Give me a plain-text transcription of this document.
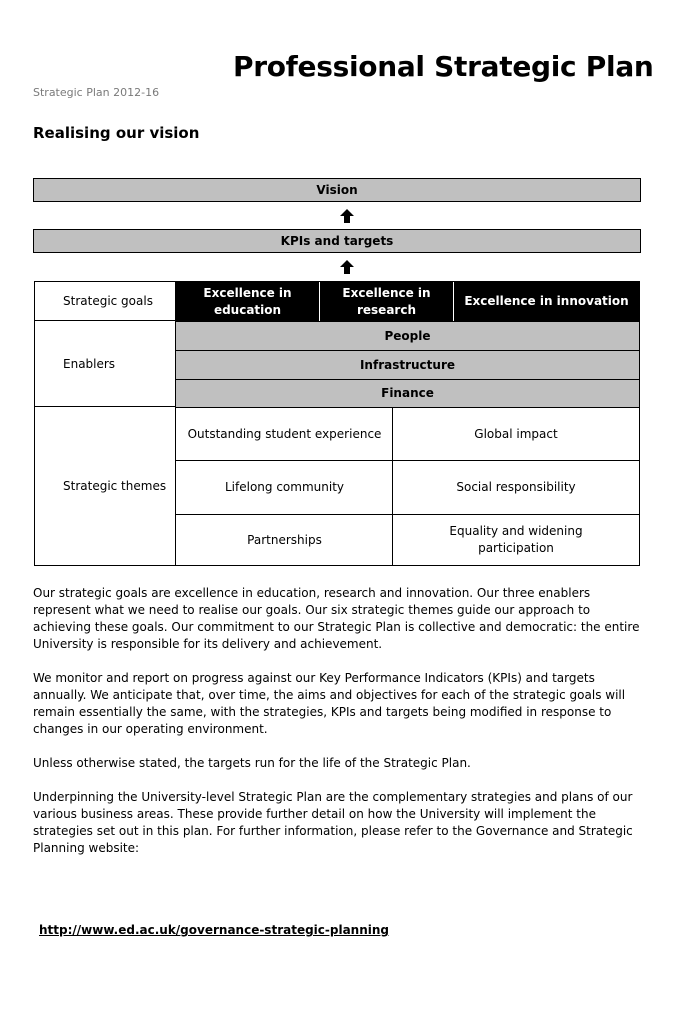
Professional Strategic Plan
Strategic Plan 2012-16
Realising our vision
Vision
KPIs and targets
Strategic goals
Enablers
Strategic themes
Excellence in education
Excellence in research
Excellence in innovation
People
Infrastructure
Finance
Outstanding student experience	Global impact
Lifelong community	Social responsibility
Partnerships
Equality and widening participation

Our strategic goals are excellence in education, research and innovation. Our three enablers represent what we need to realise our goals. Our six strategic themes guide our approach to achieving these goals. Our commitment to our Strategic Plan is collective and democratic: the entire University is responsible for its delivery and achievement.

We monitor and report on progress against our Key Performance Indicators (KPIs) and targets annually. We anticipate that, over time, the aims and objectives for each of the strategic goals will remain essentially the same, with the strategies, KPIs and targets being modified in response to changes in our operating environment.

Unless otherwise stated, the targets run for the life of the Strategic Plan.

Underpinning the University-level Strategic Plan are the complementary strategies and plans of our various business areas. These provide further detail on how the University will implement the strategies set out in this plan. For further information, please refer to the Governance and Strategic Planning website:

http://www.ed.ac.uk/governance-strategic-planning
